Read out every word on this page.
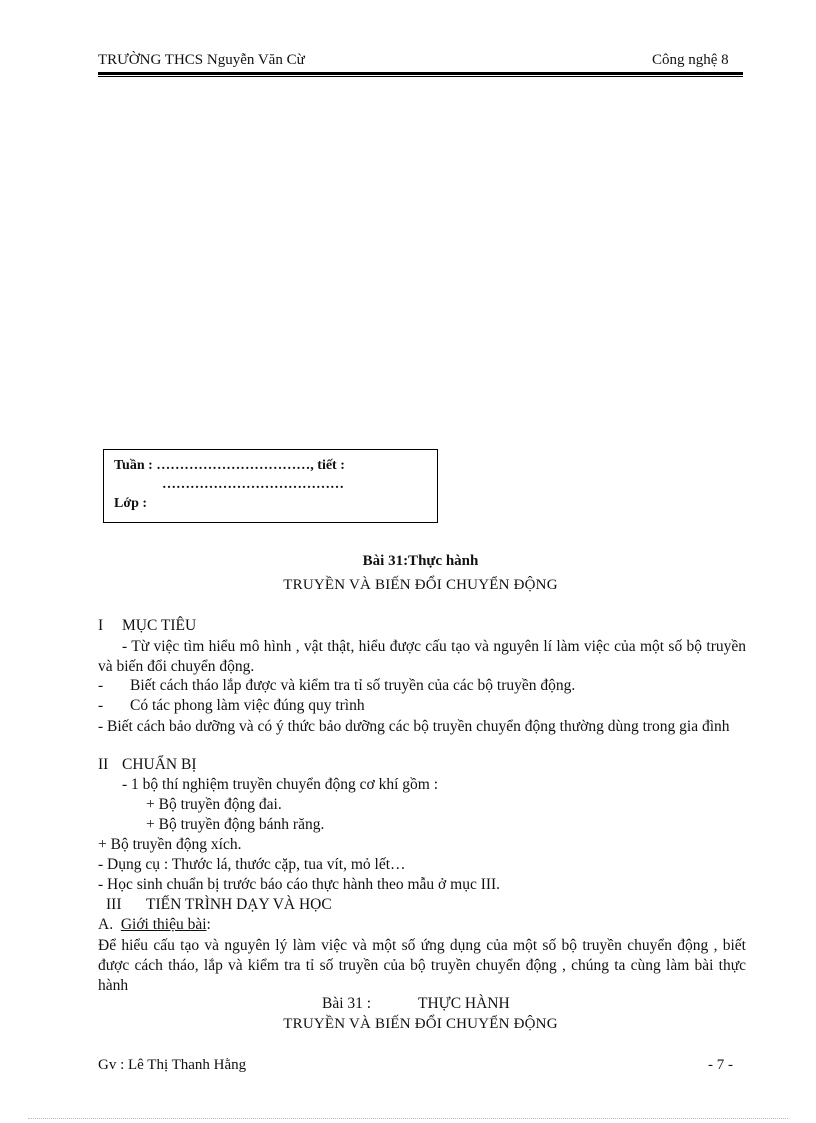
TRƯỜNG THCS Nguyễn Văn Cừ	Công nghệ 8
Tuần : ……………………………, tiết :
…………………………………
Lớp :
Bài 31:Thực hành
TRUYỀN VÀ BIẾN ĐỔI CHUYỂN ĐỘNG
I MỤC TIÊU
- Từ việc tìm hiểu mô hình , vật thật, hiểu được cấu tạo và nguyên lí làm việc của một số bộ truyền và biến đổi chuyển động.
- Biết cách tháo lắp được và kiểm tra tỉ số truyền của các bộ truyền động.
- Có tác phong làm việc đúng quy trình
- Biết cách bảo dưỡng và có ý thức bảo dưỡng các bộ truyền chuyển động thường dùng trong gia đình
II CHUẨN BỊ
- 1 bộ thí nghiệm truyền chuyển động cơ khí gồm :
+ Bộ truyền động đai.
+ Bộ truyền động bánh răng.
+ Bộ truyền động xích.
- Dụng cụ : Thước lá, thước cặp, tua vít, mỏ lết…
- Học sinh chuẩn bị trước báo cáo thực hành theo mẫu ở mục III.
III TIẾN TRÌNH DẠY VÀ HỌC
A. Giới thiệu bài:
Để hiểu cấu tạo và nguyên lý làm việc và một số ứng dụng của một số bộ truyền chuyển động , biết được cách tháo, lắp và kiểm tra tỉ số truyền của bộ truyền chuyển động , chúng ta cùng làm bài thực hành
Bài 31 :	THỰC HÀNH
TRUYỀN VÀ BIẾN ĐỔI CHUYỂN ĐỘNG
Gv : Lê Thị Thanh Hằng	- 7 -
